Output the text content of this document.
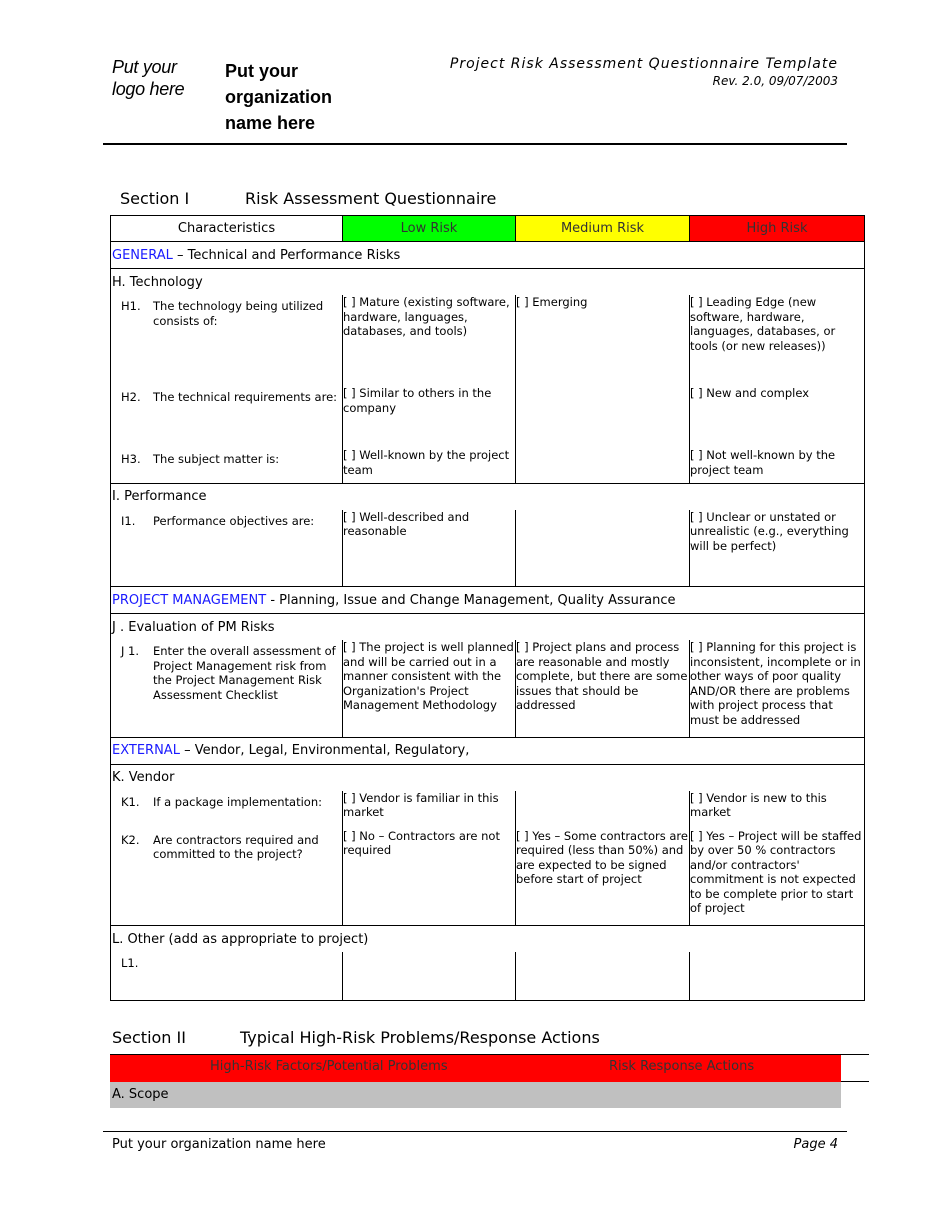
Put your logo here
Put your organization name here
Project Risk Assessment Questionnaire Template
Rev. 2.0, 09/07/2003
Section I	Risk Assessment Questionnaire
Characteristics	Low Risk	Medium Risk	High Risk
GENERAL – Technical and Performance Risks			
H. Technology			

H1. The technology being utilized consists of:	[ ] Mature (existing software, hardware, languages, databases, and tools)	[ ] Emerging	[ ] Leading Edge (new software, hardware, languages, databases, or tools (or new releases))

H2. The technical requirements are:	[ ] Similar to others in the company		[ ] New and complex

H3. The subject matter is:	[ ] Well-known by the project team		[ ] Not well-known by the project team
I. Performance			

I1. Performance objectives are:	[ ] Well-described and reasonable		[ ] Unclear or unstated or unrealistic (e.g., everything will be perfect)
PROJECT MANAGEMENT - Planning, Issue and Change Management, Quality Assurance			
J . Evaluation of PM Risks			

J 1. Enter the overall assessment of Project Management risk from the Project Management Risk Assessment Checklist	[ ] The project is well planned and will be carried out in a manner consistent with the Organization's Project Management Methodology	[ ] Project plans and process are reasonable and mostly complete, but there are some issues that should be addressed	[ ] Planning for this project is inconsistent, incomplete or in other ways of poor quality AND/OR there are problems with project process that must be addressed
EXTERNAL – Vendor, Legal, Environmental, Regulatory,			
K. Vendor			

K1. If a package implementation:	[ ] Vendor is familiar in this market		[ ] Vendor is new to this market

K2. Are contractors required and committed to the project?	[ ] No – Contractors are not required	[ ] Yes – Some contractors are required (less than 50%) and are expected to be signed before start of project	[ ] Yes – Project will be staffed by over 50 % contractors and/or contractors' commitment is not expected to be complete prior to start of project
L. Other (add as appropriate to project)			

L1.			

Section II	Typical High-Risk Problems/Response Actions
High-Risk Factors/Potential Problems	Risk Response Actions
A. Scope
Put your organization name here	Page 4
